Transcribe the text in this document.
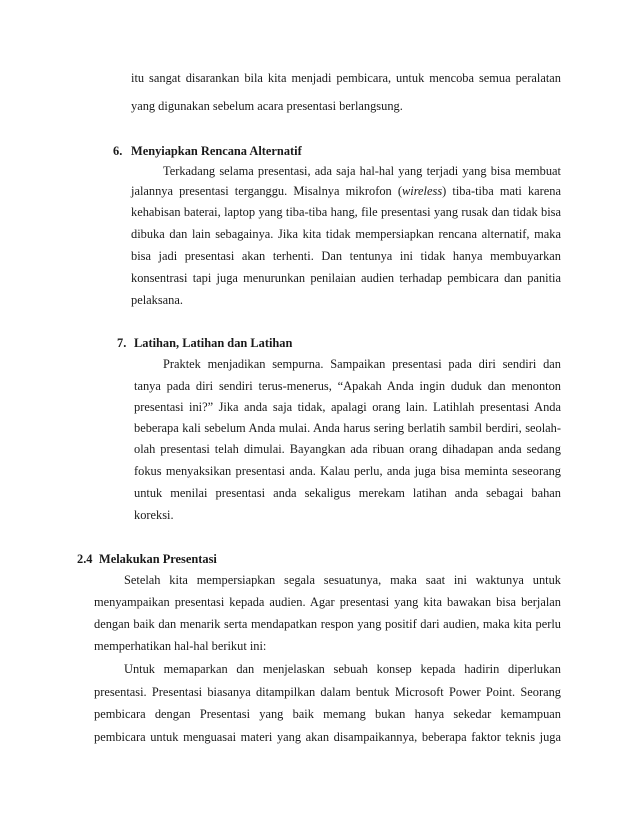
itu sangat disarankan bila kita menjadi pembicara, untuk mencoba semua peralatan
yang digunakan sebelum acara presentasi berlangsung.
6. Menyiapkan Rencana Alternatif
Terkadang selama presentasi, ada saja hal-hal yang terjadi yang bisa membuat
jalannya presentasi terganggu. Misalnya mikrofon (wireless) tiba-tiba mati karena
kehabisan baterai, laptop yang tiba-tiba hang, file presentasi yang rusak dan tidak bisa
dibuka dan lain sebagainya. Jika kita tidak mempersiapkan rencana alternatif, maka
bisa jadi presentasi akan terhenti. Dan tentunya ini tidak hanya membuyarkan
konsentrasi tapi juga menurunkan penilaian audien terhadap pembicara dan panitia
pelaksana.
7. Latihan, Latihan dan Latihan
Praktek menjadikan sempurna. Sampaikan presentasi pada diri sendiri dan
tanya pada diri sendiri terus-menerus, “Apakah Anda ingin duduk dan menonton
presentasi ini?” Jika anda saja tidak, apalagi orang lain. Latihlah presentasi Anda
beberapa kali sebelum Anda mulai. Anda harus sering berlatih sambil berdiri, seolah-
olah presentasi telah dimulai. Bayangkan ada ribuan orang dihadapan anda sedang
fokus menyaksikan presentasi anda. Kalau perlu, anda juga bisa meminta seseorang
untuk menilai presentasi anda sekaligus merekam latihan anda sebagai bahan
koreksi.
2.4 Melakukan Presentasi
Setelah kita mempersiapkan segala sesuatunya, maka saat ini waktunya untuk
menyampaikan presentasi kepada audien. Agar presentasi yang kita bawakan bisa berjalan
dengan baik dan menarik serta mendapatkan respon yang positif dari audien, maka kita perlu
memperhatikan hal-hal berikut ini:
Untuk memaparkan dan menjelaskan sebuah konsep kepada hadirin diperlukan
presentasi. Presentasi biasanya ditampilkan dalam bentuk Microsoft Power Point. Seorang
pembicara dengan Presentasi yang baik memang bukan hanya sekedar kemampuan
pembicara untuk menguasai materi yang akan disampaikannya, beberapa faktor teknis juga
